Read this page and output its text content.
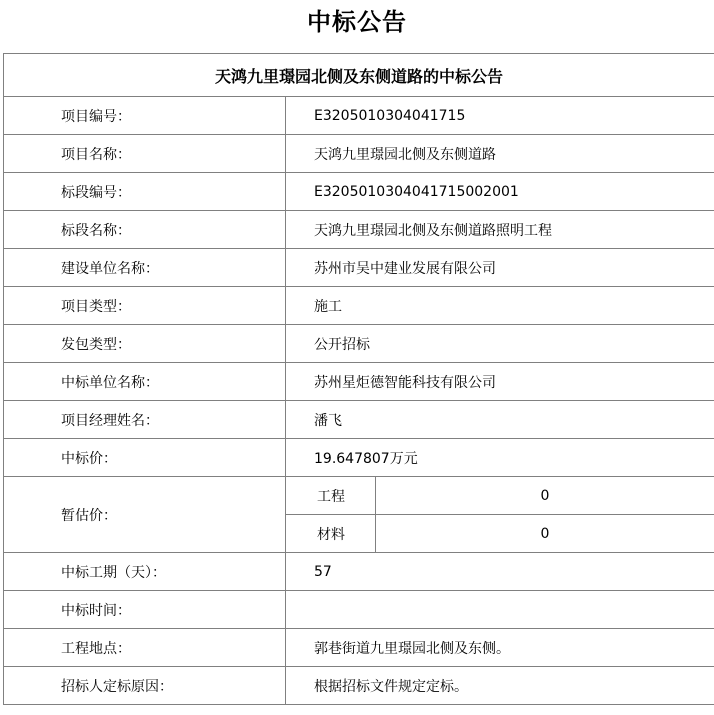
中标公告
天鸿九里璟园北侧及东侧道路的中标公告		
项目编号：	E3205010304041715	
项目名称：	天鸿九里璟园北侧及东侧道路	
标段编号：	E3205010304041715002001	
标段名称：	天鸿九里璟园北侧及东侧道路照明工程	
建设单位名称：	苏州市吴中建业发展有限公司	
项目类型：	施工	
发包类型：	公开招标	
中标单位名称：	苏州星炬德智能科技有限公司	
项目经理姓名：	潘飞	
中标价：	19.647807万元	
暂估价：	工程	0
	材料	0
中标工期（天）：	57	
中标时间：		
工程地点：	郭巷街道九里璟园北侧及东侧。	
招标人定标原因：	根据招标文件规定定标。	
